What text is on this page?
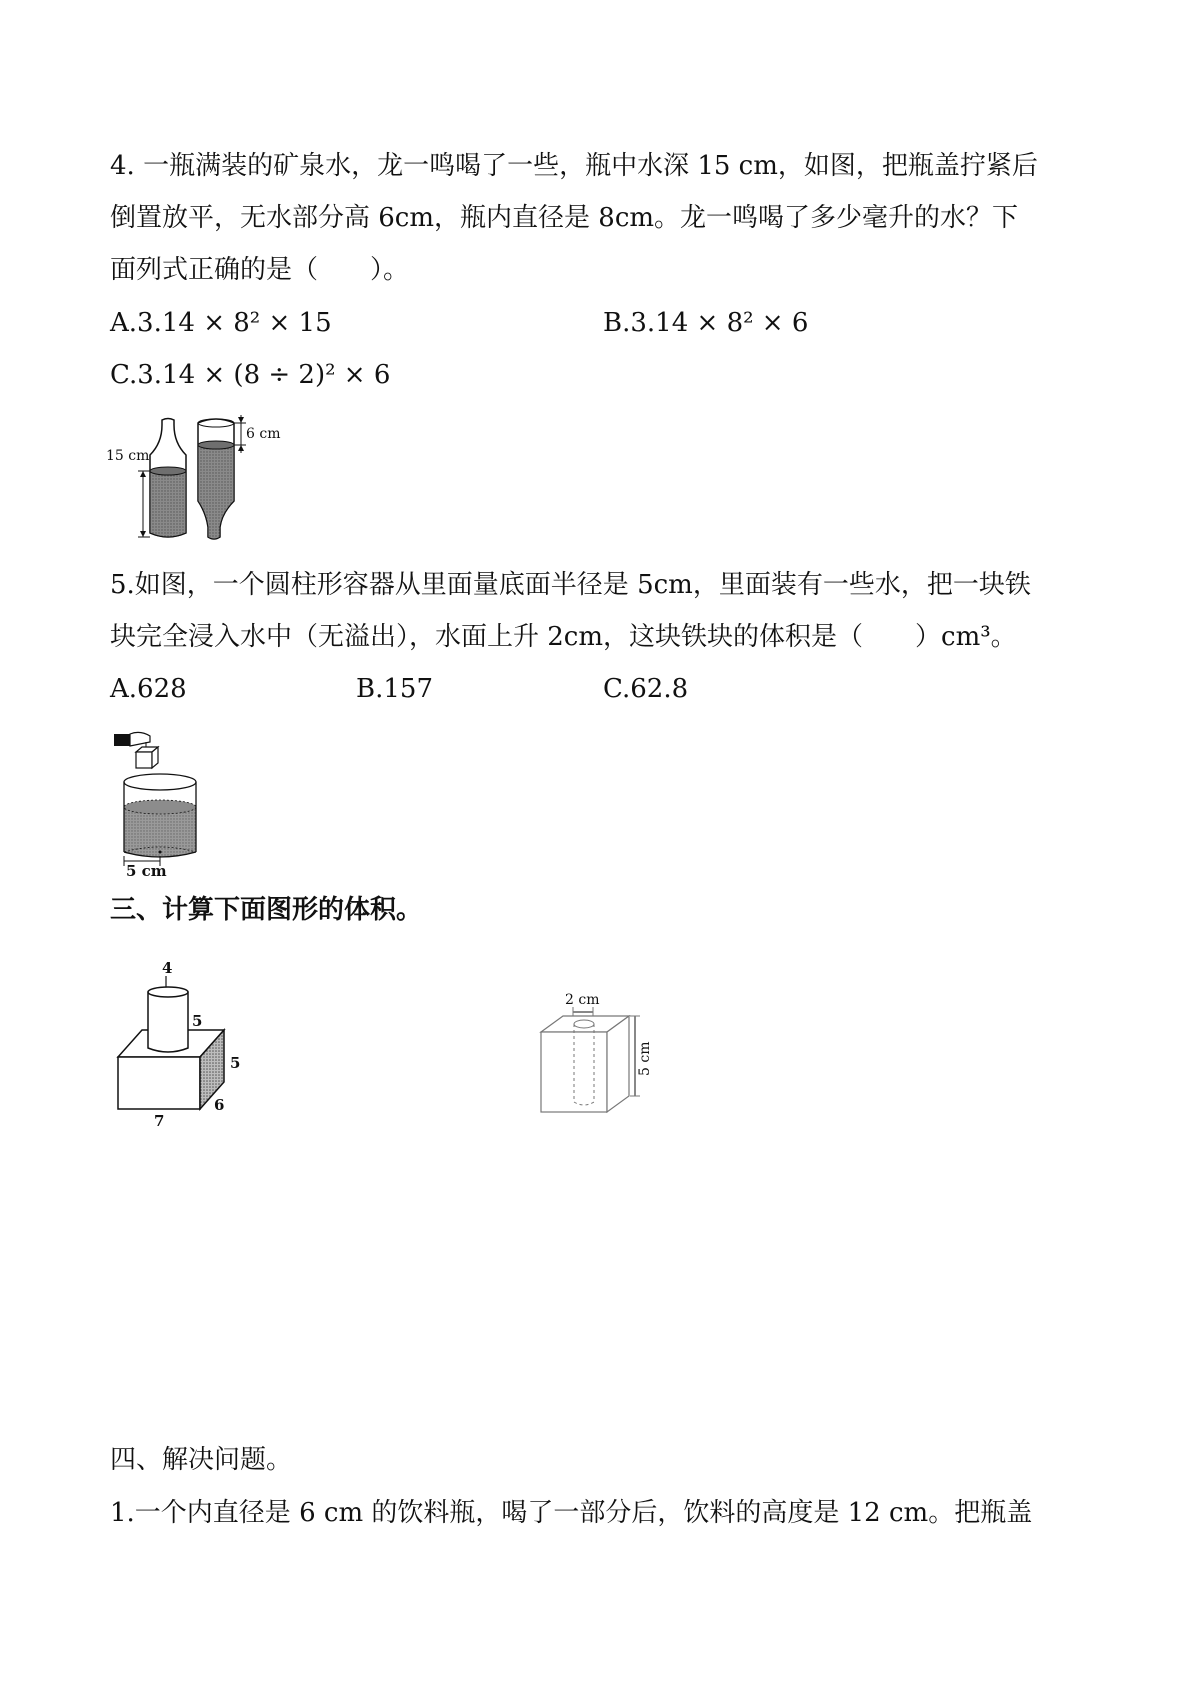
4. 一瓶满装的矿泉水，龙一鸣喝了一些，瓶中水深 15 cm，如图，把瓶盖拧紧后
倒置放平，无水部分高 6cm，瓶内直径是 8cm。龙一鸣喝了多少毫升的水？下
面列式正确的是（　　）。
A.3.14 × 8² × 15	B.3.14 × 8² × 6
C.3.14 × (8 ÷ 2)² × 6
15 cm
6 cm
5.如图，一个圆柱形容器从里面量底面半径是 5cm，里面装有一些水，把一块铁
块完全浸入水中（无溢出），水面上升 2cm，这块铁块的体积是（　　）cm³。
A.628	B.157	C.62.8
5 cm
三、计算下面图形的体积。
4
5
5
6
7
2 cm
5 cm
四、解决问题。
1.一个内直径是 6 cm 的饮料瓶，喝了一部分后，饮料的高度是 12 cm。把瓶盖
